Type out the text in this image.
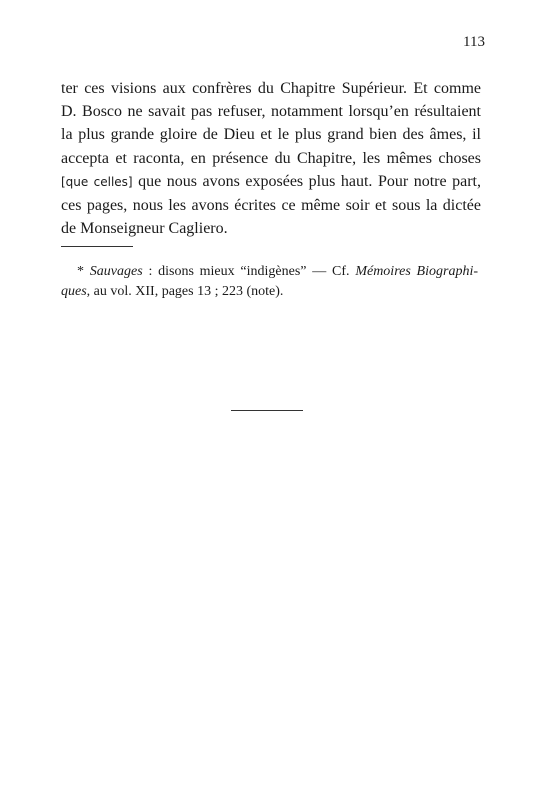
113
ter ces visions aux confrères du Chapitre Supérieur. Et comme
D. Bosco ne savait pas refuser, notamment lorsqu’en résultaient
la plus grande gloire de Dieu et le plus grand bien des âmes, il
accepta et raconta, en présence du Chapitre, les mêmes choses
[que celles] que nous avons exposées plus haut. Pour notre part,
ces pages, nous les avons écrites ce même soir et sous la dictée
de Monseigneur Cagliero.
* Sauvages : disons mieux “indigènes” — Cf. Mémoires Biographi-
ques, au vol. XII, pages 13 ; 223 (note).
